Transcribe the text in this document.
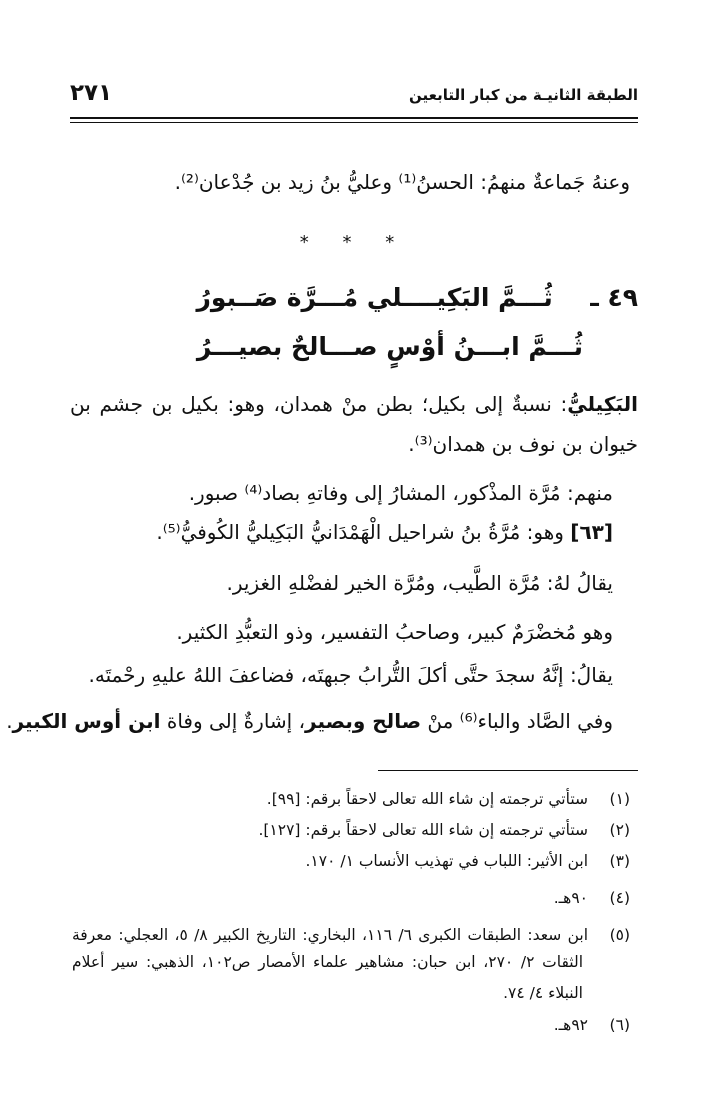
الطبقة الثانيـة من كبار التابعين
٢٧١
وعنهُ جَماعةٌ منهمُ: الحسنُ⁽¹⁾ وعليُّ بنُ زيد بن جُدْعان⁽²⁾.
* * *
٤٩ ـ  ثُـــمَّ البَكِيــــلي مُـــرَّة صَــبورُ
ثُـــمَّ ابـــنُ أوْسٍ صـــالحٌ بصيـــرُ
البَكِيليُّ: نسبةٌ إلى بكيل؛ بطن منْ همدان، وهو: بكيل بن جشم بن
خيوان بن نوف بن همدان⁽³⁾.
منهم: مُرَّة المذْكور، المشارُ إلى وفاتهِ بصاد⁽⁴⁾ صبور.
[٦٣] وهو: مُرَّةُ بنُ شراحيل الْهَمْدَانيُّ البَكِيليُّ الكُوفيُّ⁽⁵⁾.
يقالُ لهُ: مُرَّة الطَّيب، ومُرَّة الخير لفضْلهِ الغزير.
وهو مُخضْرَمٌ كبير، وصاحبُ التفسير، وذو التعبُّدِ الكثير.
يقالُ: إنَّهُ سجدَ حتَّى أكلَ التُّرابُ جبهتَه، فضاعفَ اللهُ عليهِ رحْمتَه.
وفي الصَّاد والباء⁽⁶⁾ منْ صالح وبصير، إشارةٌ إلى وفاة ابن أوس الكبير.
(١)ستأتي ترجمته إن شاء الله تعالى لاحقاً برقم: [٩٩].
(٢)ستأتي ترجمته إن شاء الله تعالى لاحقاً برقم: [١٢٧].
(٣)ابن الأثير: اللباب في تهذيب الأنساب ١/ ١٧٠.
(٤)٩٠هـ.
(٥)ابن سعد: الطبقات الكبرى ٦/ ١١٦، البخاري: التاريخ الكبير ٨/ ٥، العجلي: معرفة
الثقات ٢/ ٢٧٠، ابن حبان: مشاهير علماء الأمصار ص١٠٢، الذهبي: سير أعلام
النبلاء ٤/ ٧٤.
(٦)٩٢هـ.
